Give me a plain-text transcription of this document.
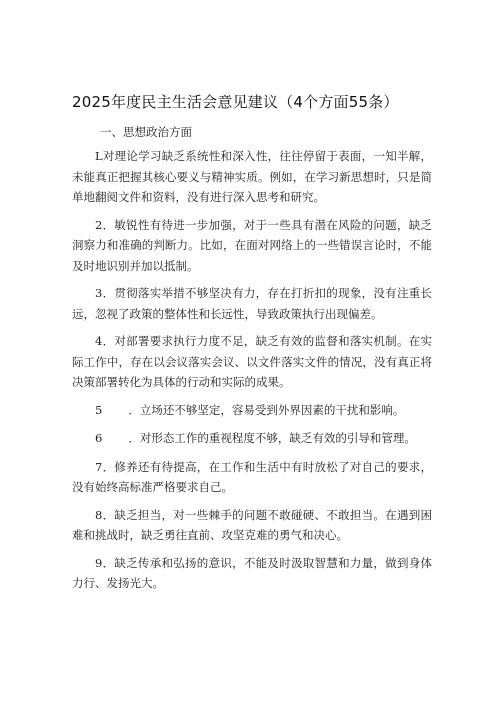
2025年度民主生活会意见建议（4个方面55条）
一、思想政治方面

L对理论学习缺乏系统性和深入性，往往停留于表面，一知半解，未能真正把握其核心要义与精神实质。例如，在学习新思想时，只是简单地翻阅文件和资料，没有进行深入思考和研究。

2．敏锐性有待进一步加强，对于一些具有潜在风险的问题，缺乏洞察力和准确的判断力。比如，在面对网络上的一些错误言论时，不能及时地识别并加以抵制。

3．贯彻落实举措不够坚决有力，存在打折扣的现象，没有注重长远，忽视了政策的整体性和长远性，导致政策执行出现偏差。

4．对部署要求执行力度不足，缺乏有效的监督和落实机制。在实际工作中，存在以会议落实会议、以文件落实文件的情况，没有真正将决策部署转化为具体的行动和实际的成果。

5 ．立场还不够坚定，容易受到外界因素的干扰和影响。

6 ．对形态工作的重视程度不够，缺乏有效的引导和管理。

7．修养还有待提高，在工作和生活中有时放松了对自己的要求，没有始终高标准严格要求自己。

8．缺乏担当，对一些棘手的问题不敢碰硬、不敢担当。在遇到困难和挑战时，缺乏勇往直前、攻坚克难的勇气和决心。

9．缺乏传承和弘扬的意识，不能及时汲取智慧和力量，做到身体力行、发扬光大。
